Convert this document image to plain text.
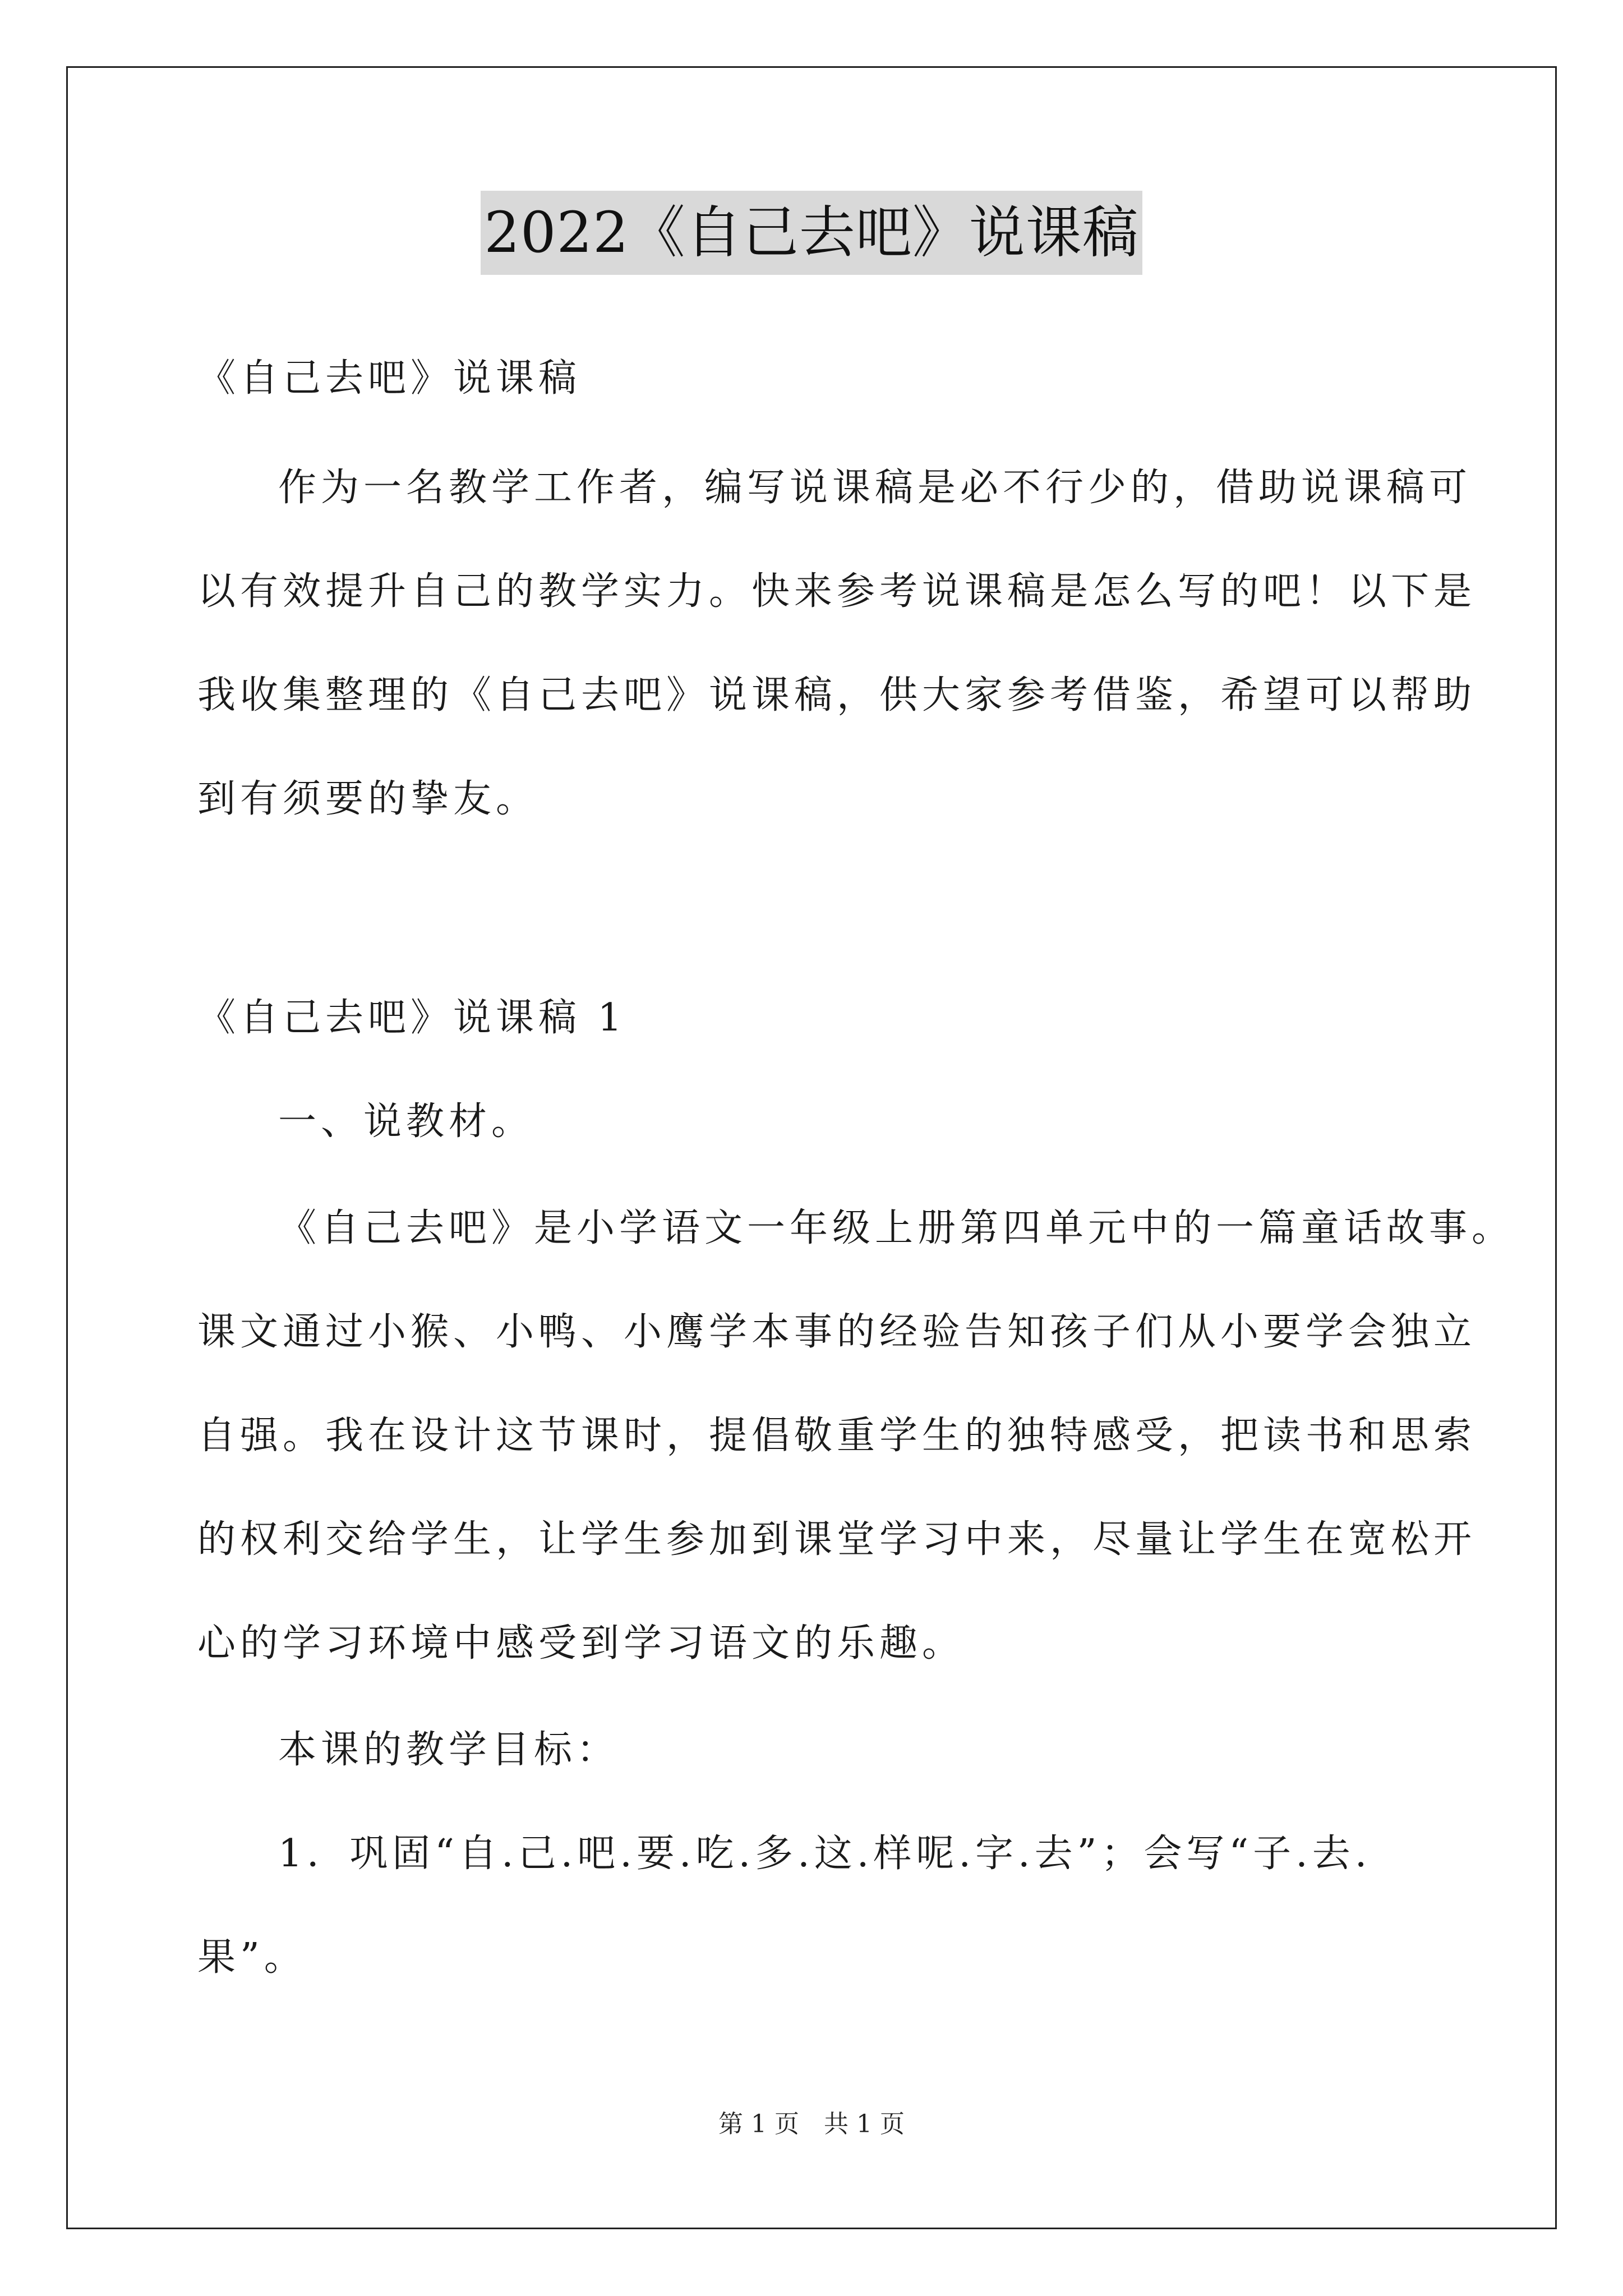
2022《自己去吧》说课稿
《自己去吧》说课稿
作为一名教学工作者，编写说课稿是必不行少的，借助说课稿可
以有效提升自己的教学实力。快来参考说课稿是怎么写的吧！以下是
我收集整理的《自己去吧》说课稿，供大家参考借鉴，希望可以帮助
到有须要的挚友。
《自己去吧》说课稿 1
一、说教材。
《自己去吧》是小学语文一年级上册第四单元中的一篇童话故事。
课文通过小猴、小鸭、小鹰学本事的经验告知孩子们从小要学会独立
自强。我在设计这节课时，提倡敬重学生的独特感受，把读书和思索
的权利交给学生，让学生参加到课堂学习中来，尽量让学生在宽松开
心的学习环境中感受到学习语文的乐趣。
本课的教学目标：
1．巩固“自.己.吧.要.吃.多.这.样呢.字.去”；会写“子.去.
果”。
第 1 页　共 1 页
